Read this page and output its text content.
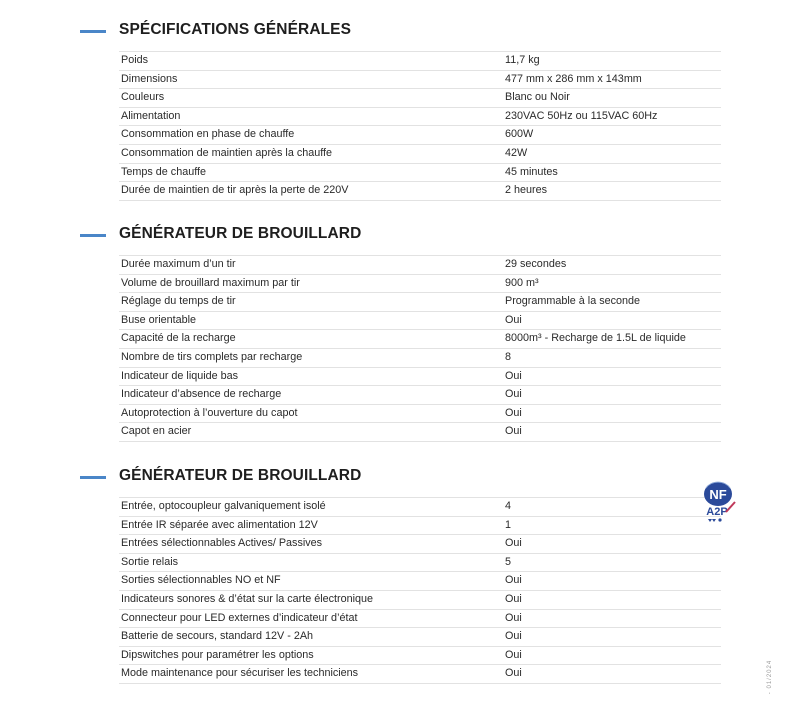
SPÉCIFICATIONS GÉNÉRALES
Poids	11,7 kg
Dimensions	477 mm x 286 mm x 143mm
Couleurs	Blanc ou Noir
Alimentation	230VAC 50Hz ou 115VAC 60Hz
Consommation en phase de chauffe	600W
Consommation de maintien après la chauffe	42W
Temps de chauffe	45 minutes
Durée de maintien de tir après la perte de 220V	2 heures
GÉNÉRATEUR DE BROUILLARD
Durée maximum d’un tir	29 secondes
Volume de brouillard maximum par tir	900 m³
Réglage du temps de tir	Programmable à la seconde
Buse orientable	Oui
Capacité de la recharge	8000m³ - Recharge de 1.5L de liquide
Nombre de tirs complets par recharge	8
Indicateur de liquide bas	Oui
Indicateur d’absence de recharge	Oui
Autoprotection à l’ouverture du capot	Oui
Capot en acier	Oui
GÉNÉRATEUR DE BROUILLARD
Entrée, optocoupleur galvaniquement isolé	4
Entrée IR séparée avec alimentation 12V	1
Entrées sélectionnables Actives/ Passives	Oui
Sortie relais	5
Sorties sélectionnables NO et NF	Oui
Indicateurs sonores & d’état sur la carte électronique	Oui
Connecteur pour LED externes d’indicateur d’état	Oui
Batterie de secours, standard 12V - 2Ah	Oui
Dipswitches pour paramétrer les options	Oui
Mode maintenance pour sécuriser les techniciens	Oui
NF
A2P
- 01/2024
